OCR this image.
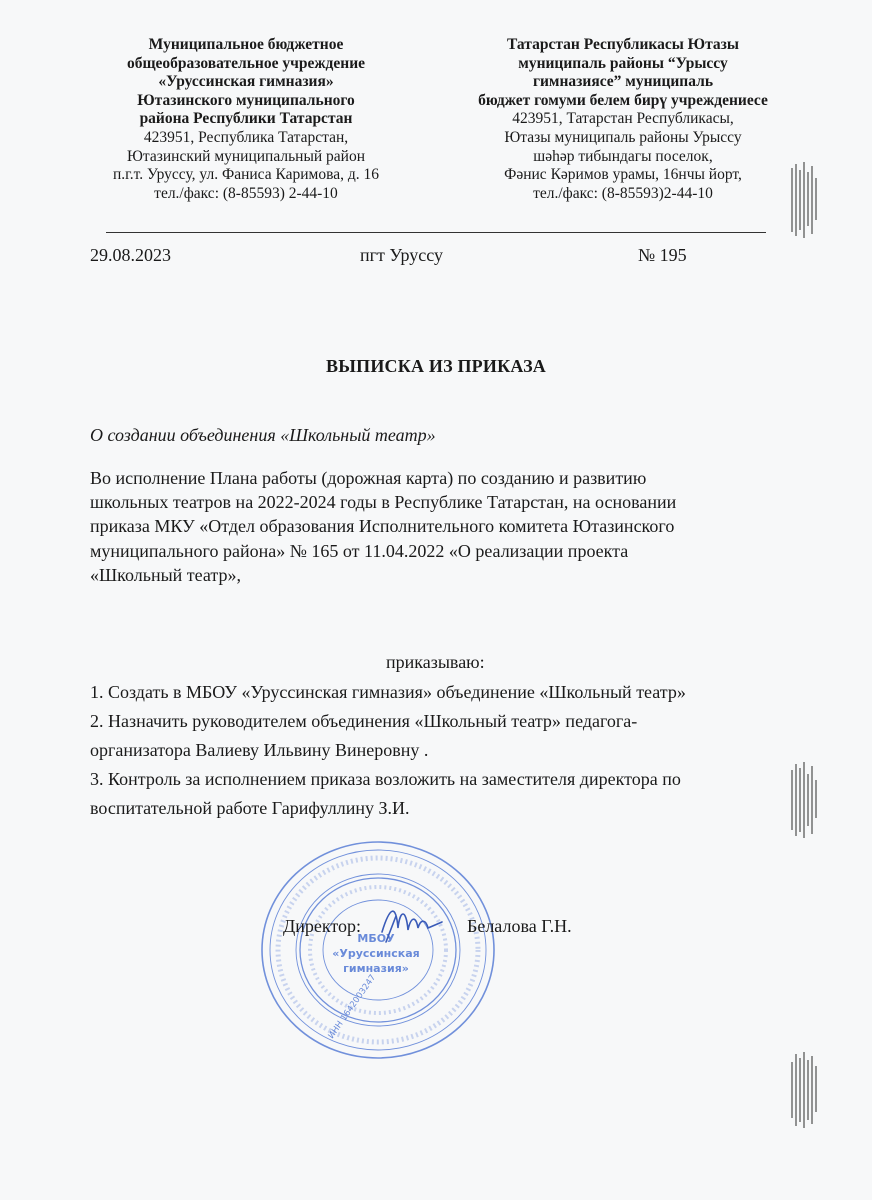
Муниципальное бюджетное
общеобразовательное учреждение
«Уруссинская гимназия»
Ютазинского муниципального
района Республики Татарстан
423951, Республика Татарстан,
Ютазинский муниципальный район
п.г.т. Уруссу, ул. Фаниса Каримова, д. 16
тел./факс: (8-85593) 2-44-10
Татарстан Республикасы Ютазы
муниципаль районы “Урыссу
гимназиясе” муниципаль
бюджет гомуми белем бирү учреждениесе
423951, Татарстан Республикасы,
Ютазы муниципаль районы Урыссу
шәһәр тибындагы поселок,
Фәнис Кәримов урамы, 16нчы йорт,
тел./факс: (8-85593)2-44-10
29.08.2023	пгт Уруссу	№ 195
ВЫПИСКА ИЗ ПРИКАЗА
О создании объединения «Школьный театр»
Во исполнение Плана работы (дорожная карта) по созданию и развитию
школьных театров на 2022-2024 годы в Республике Татарстан, на основании
приказа МКУ «Отдел образования Исполнительного комитета Ютазинского
муниципального района» № 165 от 11.04.2022 «О реализации проекта
«Школьный театр»,
приказываю:
1. Создать в МБОУ «Уруссинская гимназия» объединение «Школьный театр»
2. Назначить руководителем объединения «Школьный театр» педагога-
организатора Валиеву Ильвину Винеровну .
3. Контроль за исполнением приказа возложить на заместителя директора по
воспитательной работе Гарифуллину З.И.
МБОУ
«Уруссинская
гимназия»
ИНН 1642003247
Директор:	Белалова Г.Н.
